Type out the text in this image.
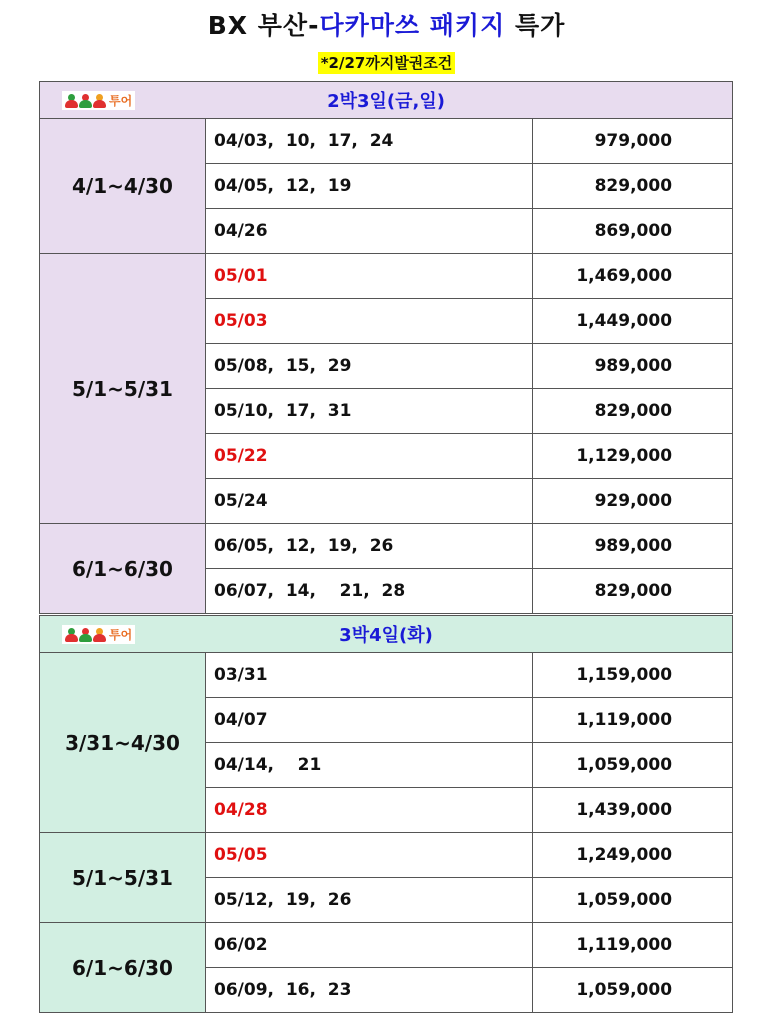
BX 부산-다카마쓰 패키지 특가
*2/27까지발권조건
투어 2박3일(금,일)		
4/1~4/30	04/03,  10,  17,  24	979,000
	04/05,  12,  19	829,000
	04/26	869,000
5/1~5/31	05/01	1,469,000
	05/03	1,449,000
	05/08,  15,  29	989,000
	05/10,  17,  31	829,000
	05/22	1,129,000
	05/24	929,000
6/1~6/30	06/05,  12,  19,  26	989,000
	06/07,  14,    21,  28	829,000
투어 3박4일(화)		
3/31~4/30	03/31	1,159,000
	04/07	1,119,000
	04/14,    21	1,059,000
	04/28	1,439,000
5/1~5/31	05/05	1,249,000
	05/12,  19,  26	1,059,000
6/1~6/30	06/02	1,119,000
	06/09,  16,  23	1,059,000
